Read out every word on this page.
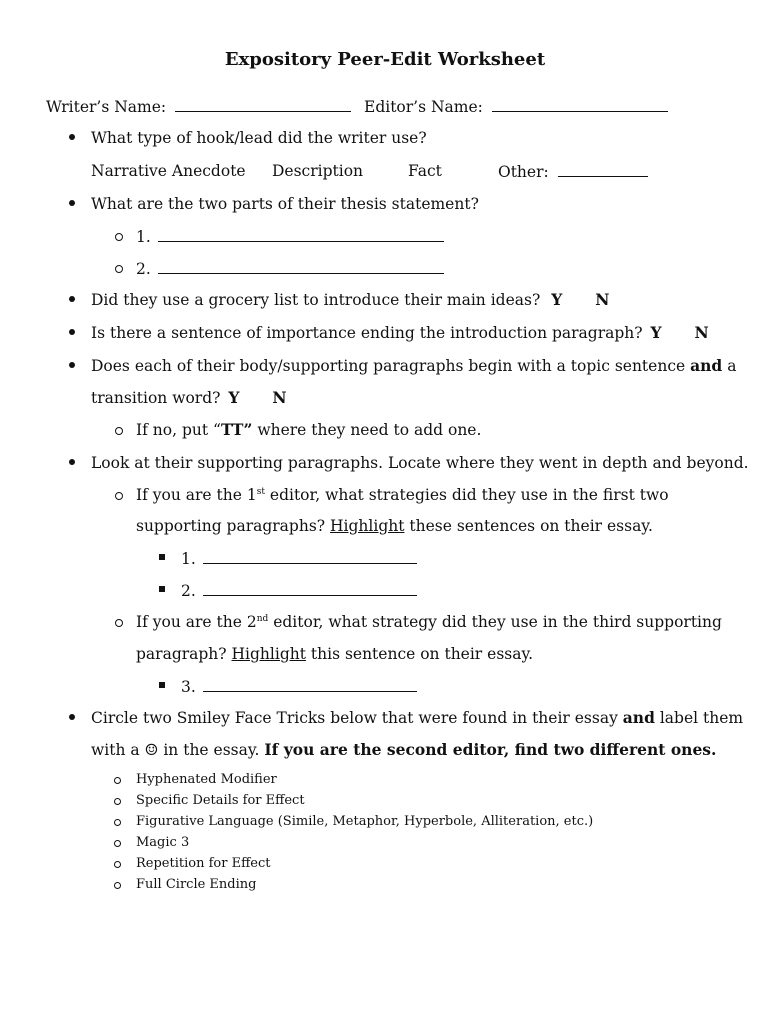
Expository Peer-Edit Worksheet
Writer’s Name:	Editor’s Name:
What type of hook/lead did the writer use?
Narrative Anecdote Description	Fact	Other:
What are the two parts of their thesis statement?
1.
2.
Did they use a grocery list to introduce their main ideas? Y N
Is there a sentence of importance ending the introduction paragraph? Y N
Does each of their body/supporting paragraphs begin with a topic sentence and a
transition word? Y N
If no, put “TT” where they need to add one.
Look at their supporting paragraphs. Locate where they went in depth and beyond.
If you are the 1st editor, what strategies did they use in the first two
supporting paragraphs? Highlight these sentences on their essay.
1.
2.
If you are the 2nd editor, what strategy did they use in the third supporting
paragraph? Highlight this sentence on their essay.
3.
Circle two Smiley Face Tricks below that were found in their essay and label them
with a ☺ in the essay. If you are the second editor, find two different ones.
Hyphenated Modifier
Specific Details for Effect
Figurative Language (Simile, Metaphor, Hyperbole, Alliteration, etc.)
Magic 3
Repetition for Effect
Full Circle Ending
